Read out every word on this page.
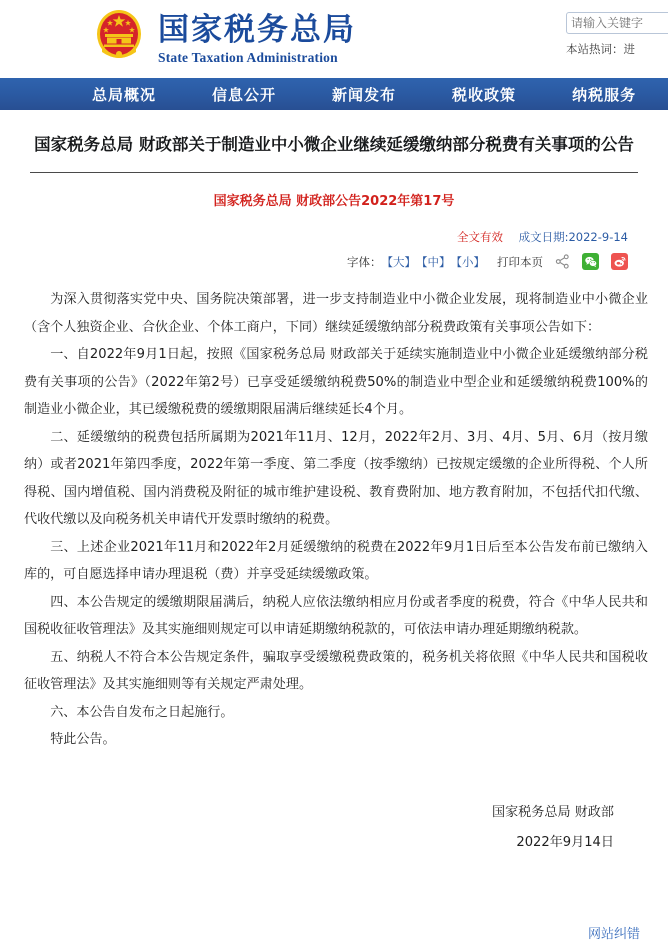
国家税务总局
State Taxation Administration
请输入关键字
本站热词：进
总局概况	信息公开	新闻发布	税收政策	纳税服务
国家税务总局 财政部关于制造业中小微企业继续延缓缴纳部分税费有关事项的公告
国家税务总局 财政部公告2022年第17号
全文有效 成文日期:2022-9-14
字体： 【大】 【中】 【小】 打印本页

为深入贯彻落实党中央、国务院决策部署，进一步支持制造业中小微企业发展，现将制造业中小微企业（含个人独资企业、合伙企业、个体工商户，下同）继续延缓缴纳部分税费政策有关事项公告如下：

一、自2022年9月1日起，按照《国家税务总局 财政部关于延续实施制造业中小微企业延缓缴纳部分税费有关事项的公告》（2022年第2号）已享受延缓缴纳税费50%的制造业中型企业和延缓缴纳税费100%的制造业小微企业，其已缓缴税费的缓缴期限届满后继续延长4个月。

二、延缓缴纳的税费包括所属期为2021年11月、12月，2022年2月、3月、4月、5月、6月（按月缴纳）或者2021年第四季度，2022年第一季度、第二季度（按季缴纳）已按规定缓缴的企业所得税、个人所得税、国内增值税、国内消费税及附征的城市维护建设税、教育费附加、地方教育附加，不包括代扣代缴、代收代缴以及向税务机关申请代开发票时缴纳的税费。

三、上述企业2021年11月和2022年2月延缓缴纳的税费在2022年9月1日后至本公告发布前已缴纳入库的，可自愿选择申请办理退税（费）并享受延续缓缴政策。

四、本公告规定的缓缴期限届满后，纳税人应依法缴纳相应月份或者季度的税费，符合《中华人民共和国税收征收管理法》及其实施细则规定可以申请延期缴纳税款的，可依法申请办理延期缴纳税款。

五、纳税人不符合本公告规定条件，骗取享受缓缴税费政策的，税务机关将依照《中华人民共和国税收征收管理法》及其实施细则等有关规定严肃处理。

六、本公告自发布之日起施行。

特此公告。

国家税务总局 财政部
2022年9月14日
网站纠错
